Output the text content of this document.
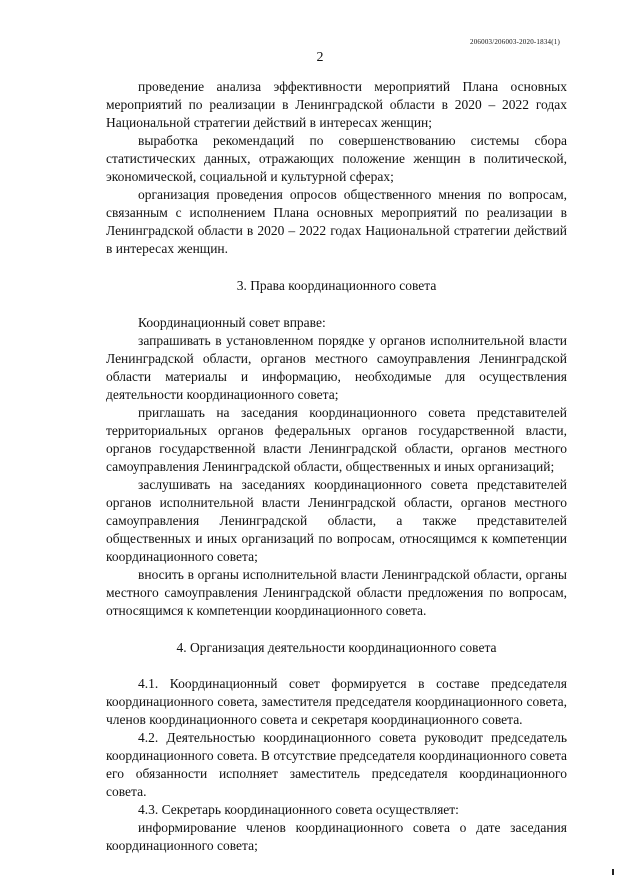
206003/206003-2020-1834(1)
2

проведение анализа эффективности мероприятий Плана основных мероприятий по реализации в Ленинградской области в 2020 – 2022 годах Национальной стратегии действий в интересах женщин;

выработка рекомендаций по совершенствованию системы сбора статистических данных, отражающих положение женщин в политической, экономической, социальной и культурной сферах;

организация проведения опросов общественного мнения по вопросам, связанным с исполнением Плана основных мероприятий по реализации в Ленинградской области в 2020 – 2022 годах Национальной стратегии действий в интересах женщин.

3. Права координационного совета

Координационный совет вправе:

запрашивать в установленном порядке у органов исполнительной власти Ленинградской области, органов местного самоуправления Ленинградской области материалы и информацию, необходимые для осуществления деятельности координационного совета;

приглашать на заседания координационного совета представителей территориальных органов федеральных органов государственной власти, органов государственной власти Ленинградской области, органов местного самоуправления Ленинградской области, общественных и иных организаций;

заслушивать на заседаниях координационного совета представителей органов исполнительной власти Ленинградской области, органов местного самоуправления Ленинградской области, а также представителей общественных и иных организаций по вопросам, относящимся к компетенции координационного совета;

вносить в органы исполнительной власти Ленинградской области, органы местного самоуправления Ленинградской области предложения по вопросам, относящимся к компетенции координационного совета.

4. Организация деятельности координационного совета

4.1. Координационный совет формируется в составе председателя координационного совета, заместителя председателя координационного совета, членов координационного совета и секретаря координационного совета.

4.2. Деятельностью координационного совета руководит председатель координационного совета. В отсутствие председателя координационного совета его обязанности исполняет заместитель председателя координационного совета.

4.3. Секретарь координационного совета осуществляет:

информирование членов координационного совета о дате заседания координационного совета;
